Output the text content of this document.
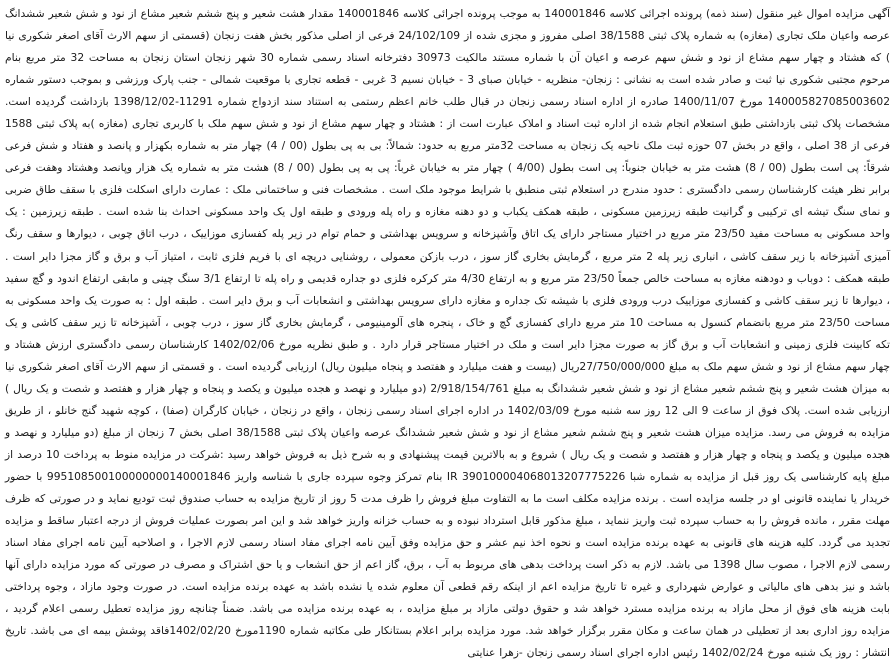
آگهی مزایده اموال غیر منقول (سند ذمه) پرونده اجرائی کلاسه 140001846 به موجب پرونده اجرائی کلاسه 140001846 مقدار هشت شعیر و پنج ششم شعیر مشاع از نود و شش شعیر ششدانگ عرصه واعیان ملک تجاری (مغازه) به شماره پلاک ثبتی 38/1588 اصلی مفروز و مجزی شده از 24/102/109 فرعی از اصلی مذکور بخش هفت زنجان (قسمتی از سهم الارث آقای اصغر شکوری نیا ) که هشتاد و چهار سهم مشاع از نود و شش سهم عرصه و اعیان آن با شماره مستند مالکیت 30973 دفترخانه اسناد رسمی شماره 30 شهر زنجان استان زنجان به مساحت 32 متر مربع بنام مرحوم مجتبی شکوری نیا ثبت و صادر شده است به نشانی : زنجان- منظریه - خیابان صبای 3 - خیابان نسیم 3 غربی - قطعه تجاری با موقعیت شمالی - جنب پارک ورزشی و بموجب دستور شماره 140005827085003602 مورخ 1400/11/07 صادره از اداره اسناد رسمی زنجان در قبال طلب خانم اعظم رستمی به استناد سند ازدواج شماره 11291-1398/12/02 بازداشت گردیده است. مشخصات پلاک ثبتی بازداشتی طبق استعلام انجام شده از اداره ثبت اسناد و املاک عبارت است از : هشتاد و چهار سهم مشاع از نود و شش سهم ملک با کاربری تجاری (مغازه )به پلاک ثبتی 1588 فرعی از 38 اصلی ، واقع در بخش 07 حوزه ثبت ملک ناحیه یک زنجان به مساحت 32متر مربع به حدود: شمالاً: بی به پی بطول (00 / 4) چهار متر به شماره بکهزار و پانصد و هفتاد و شش فرعی شرقاً: پی است بطول (00 / 8) هشت متر به خیابان جنوباً: پی است بطول (4/00 ) چهار متر به خیابان غرباً: پی به پی بطول (00 / 8) هشت متر به شماره یک هزار وپانصد وهشتاد وهفت فرعی برابر نظر هیئت کارشناسان رسمی دادگستری : حدود مندرج در استعلام ثبتی منطبق با شرایط موجود ملک است . مشخصات فنی و ساختمانی ملک : عمارت دارای اسکلت فلزی با سقف طاق ضربی و نمای سنگ تیشه ای ترکیبی و گرانیت طبقه زیرزمین مسکونی ، طبقه همکف یکباب و دو دهنه مغازه و راه پله ورودی و طبقه اول یک واحد مسکونی احداث بنا شده است . طبقه زیرزمین : یک واحد مسکونی به مساحت مفید 23/50 متر مربع در اختیار مستاجر دارای یک اتاق وآشپزخانه و سرویس بهداشتی و حمام توام در زیر پله کفسازی موزاییک ، درب اتاق چوبی ، دیوارها و سقف رنگ آمیزی آشپزخانه با زیر سقف کاشی ، انباری زیر پله 2 متر مربع ، گرمایش بخاری گاز سوز ، درب بازکن معمولی ، روشنایی دریچه ای با فریم فلزی ثابت ، امتیاز آب و برق و گاز مجزا دایر است . طبقه همکف : دوباب و دودهنه مغازه به مساحت خالص جمعاً 23/50 متر مربع و به ارتفاع 4/30 متر کرکره فلزی دو جداره قدیمی و راه پله تا ارتفاع 3/1 سنگ چینی و مابقی ارتفاع اندود و گچ سفید ، دیوارها تا زیر سقف کاشی و کفسازی موزاییک درب ورودی فلزی با شیشه تک جداره و مغازه دارای سرویس بهداشتی و انشعابات آب و برق دایر است . طبقه اول : به صورت یک واحد مسکونی به مساحت 23/50 متر مربع بانضمام کنسول به مساحت 10 متر مربع دارای کفسازی گچ و خاک ، پنجره های آلومینیومی ، گرمایش بخاری گاز سوز ، درب چوبی ، آشپزخانه تا زیر سقف کاشی و یک تکه کابینت فلزی زمینی و انشعابات آب و برق گاز به صورت مجزا دایر است و ملک در اختیار مستاجر قرار دارد . و طبق نظریه مورخ 1402/02/06 کارشناسان رسمی دادگستری ارزش هشتاد و چهار سهم مشاع از نود و شش سهم ملک به مبلغ 27/750/000/000ریال (بیست و هفت میلیارد و هفتصد و پنجاه میلیون ریال) ارزیابی گردیده است . و قسمتی از سهم الارث آقای اصغر شکوری نیا به میزان هشت شعیر و پنج ششم شعیر مشاع از نود و شش شعیر ششدانگ به مبلغ 2/918/154/761 (دو میلیارد و نهصد و هجده میلیون و یکصد و پنجاه و چهار هزار و هفتصد و شصت و یک ریال ) ارزیابی شده است. پلاک فوق از ساعت 9 الی 12 روز سه شنبه مورخ 1402/03/09 در اداره اجرای اسناد رسمی زنجان ، واقع در زنجان ، خیابان کارگران (صفا) ، کوچه شهید گنج خانلو ، از طریق مزایده به فروش می رسد. مزایده میزان هشت شعیر و پنج ششم شعیر مشاع از نود و شش شعیر ششدانگ عرصه واعیان پلاک ثبتی 38/1588 اصلی بخش 7 زنجان از مبلغ (دو میلیارد و نهصد و هجده میلیون و یکصد و پنجاه و چهار هزار و هفتصد و شصت و یک ریال ) شروع و به بالاترین قیمت پیشنهادی و به شرح ذیل به فروش خواهد رسید :شرکت در مزایده منوط به پرداخت 10 درصد از مبلغ پایه کارشناسی یک روز قبل از مزایده به شماره شبا IR 390100004068013207775226 بنام تمرکز وجوه سپرده جاری با شناسه واریز 995108500100000000140001846 با حضور خریدار یا نماینده قانونی او در جلسه مزایده است . برنده مزایده مکلف است ما به التفاوت مبلغ فروش را ظرف مدت 5 روز از تاریخ مزایده به حساب صندوق ثبت تودیع نماید و در صورتی که ظرف مهلت مقرر ، مانده فروش را به حساب سپرده ثبت واریز ننماید ، مبلغ مذکور قابل استرداد نبوده و به حساب خزانه واریز خواهد شد و این امر بصورت عملیات فروش از درجه اعتبار ساقط و مزایده تجدید می گردد. کلیه هزینه های قانونی به عهده برنده مزایده است و نحوه اخذ نیم عشر و حق مزایده وفق آیین نامه اجرای مفاد اسناد رسمی لازم الاجرا ، و اصلاحیه آیین نامه اجرای مفاد اسناد رسمی لازم الاجرا ، مصوب سال 1398 می باشد. لازم به ذکر است پرداخت بدهی های مربوط به آب ، برق، گاز اعم از حق انشعاب و یا حق اشتراک و مصرف در صورتی که مورد مزایده دارای آنها باشد و نیز بدهی های مالیاتی و عوارض شهرداری و غیره تا تاریخ مزایده اعم از اینکه رقم قطعی آن معلوم شده یا نشده باشد به عهده برنده مزایده است. در صورت وجود مازاد ، وجوه پرداختی بابت هزینه های فوق از محل مازاد به برنده مزایده مسترد خواهد شد و حقوق دولتی مازاد بر مبلغ مزایده ، به عهده برنده مزایده می باشد. ضمناً چنانچه روز مزایده تعطیل رسمی اعلام گردید ، مزایده روز اداری بعد از تعطیلی در همان ساعت و مکان مقرر برگزار خواهد شد. مورد مزایده برابر اعلام بستانکار طی مکاتبه شماره 1190مورخ 1402/02/20فاقد پوشش بیمه ای می باشد. تاریخ انتشار : روز یک شنبه مورخ 1402/02/24 رئیس اداره اجرای اسناد رسمی زنجان -زهرا عنایتی
